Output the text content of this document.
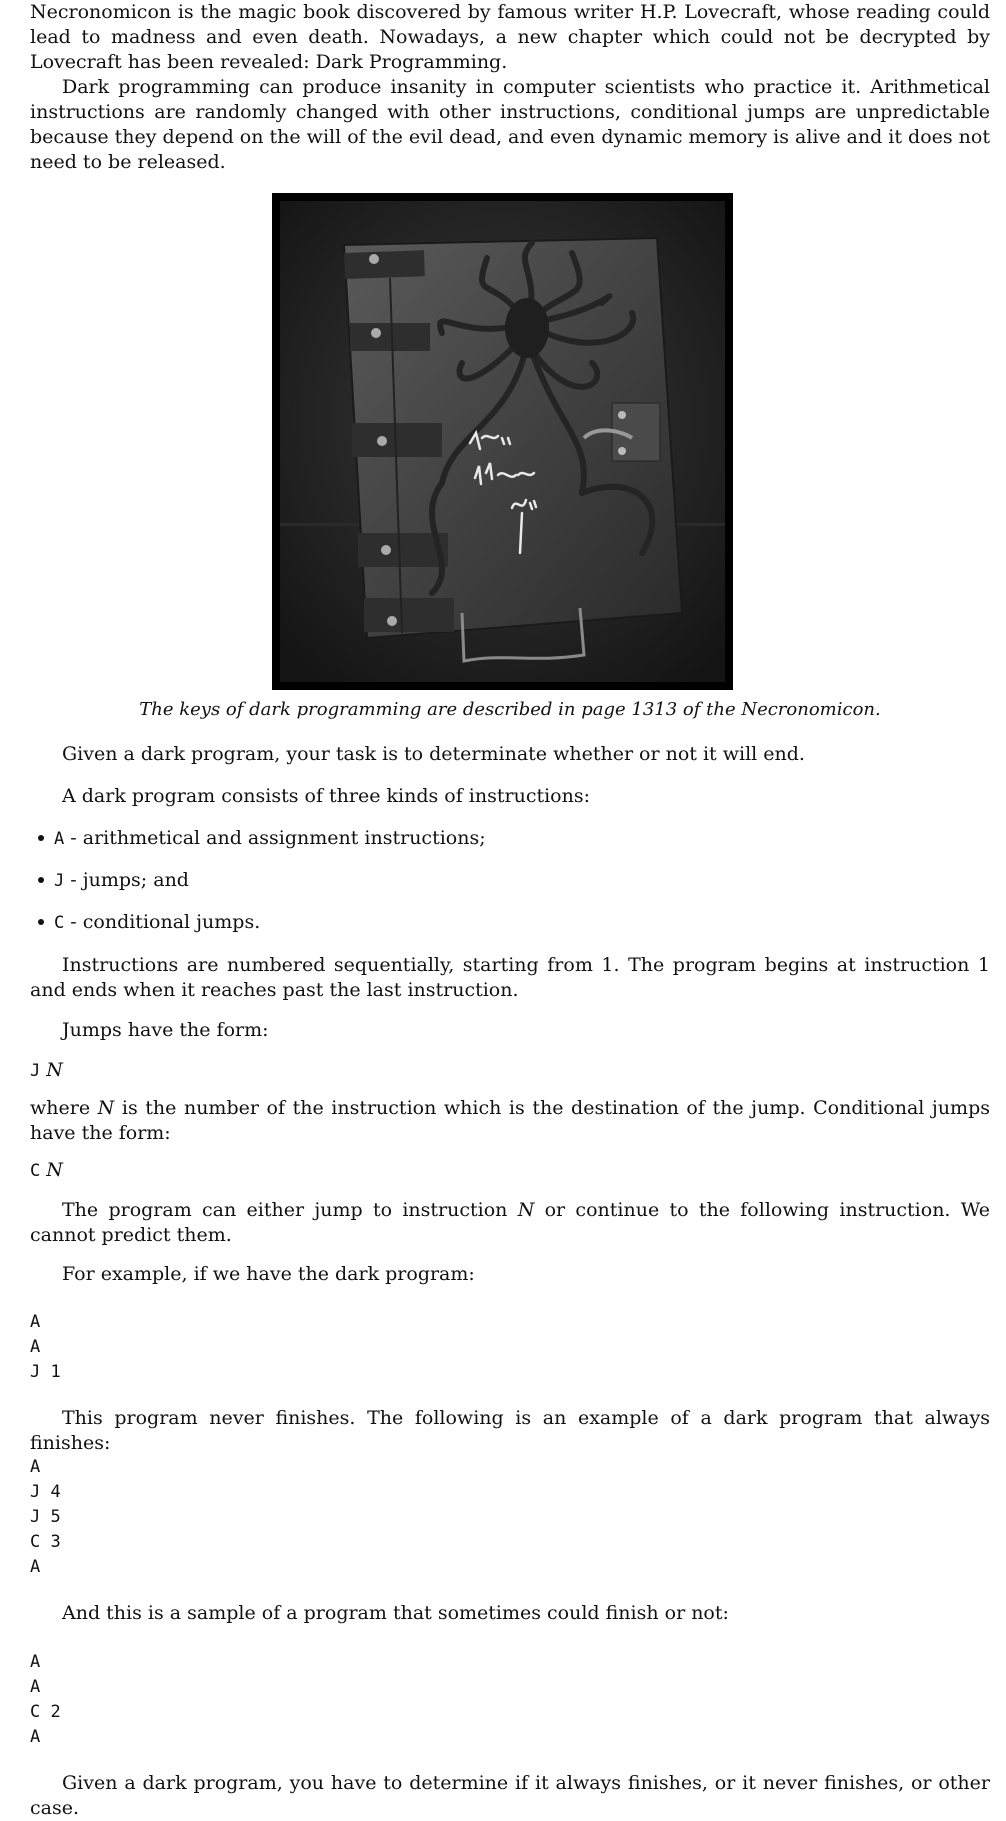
Necronomicon is the magic book discovered by famous writer H.P. Lovecraft, whose reading could lead to madness and even death. Nowadays, a new chapter which could not be decrypted by Lovecraft has been revealed: Dark Programming.

Dark programming can produce insanity in computer scientists who practice it. Arithmetical instructions are randomly changed with other instructions, conditional jumps are unpredictable because they depend on the will of the evil dead, and even dynamic memory is alive and it does not need to be released.

The keys of dark programming are described in page 1313 of the Necronomicon.

Given a dark program, your task is to determinate whether or not it will end.

A dark program consists of three kinds of instructions:

A - arithmetical and assignment instructions;
J - jumps; and
C - conditional jumps.

Instructions are numbered sequentially, starting from 1. The program begins at instruction 1 and ends when it reaches past the last instruction.

Jumps have the form:

J N

where N is the number of the instruction which is the destination of the jump. Conditional jumps have the form:

C N

The program can either jump to instruction N or continue to the following instruction. We cannot predict them.

For example, if we have the dark program:

A
A
J 1

This program never finishes. The following is an example of a dark program that always finishes:

A
J 4
J 5
C 3
A

And this is a sample of a program that sometimes could finish or not:

A
A
C 2
A

Given a dark program, you have to determine if it always finishes, or it never finishes, or other case.
